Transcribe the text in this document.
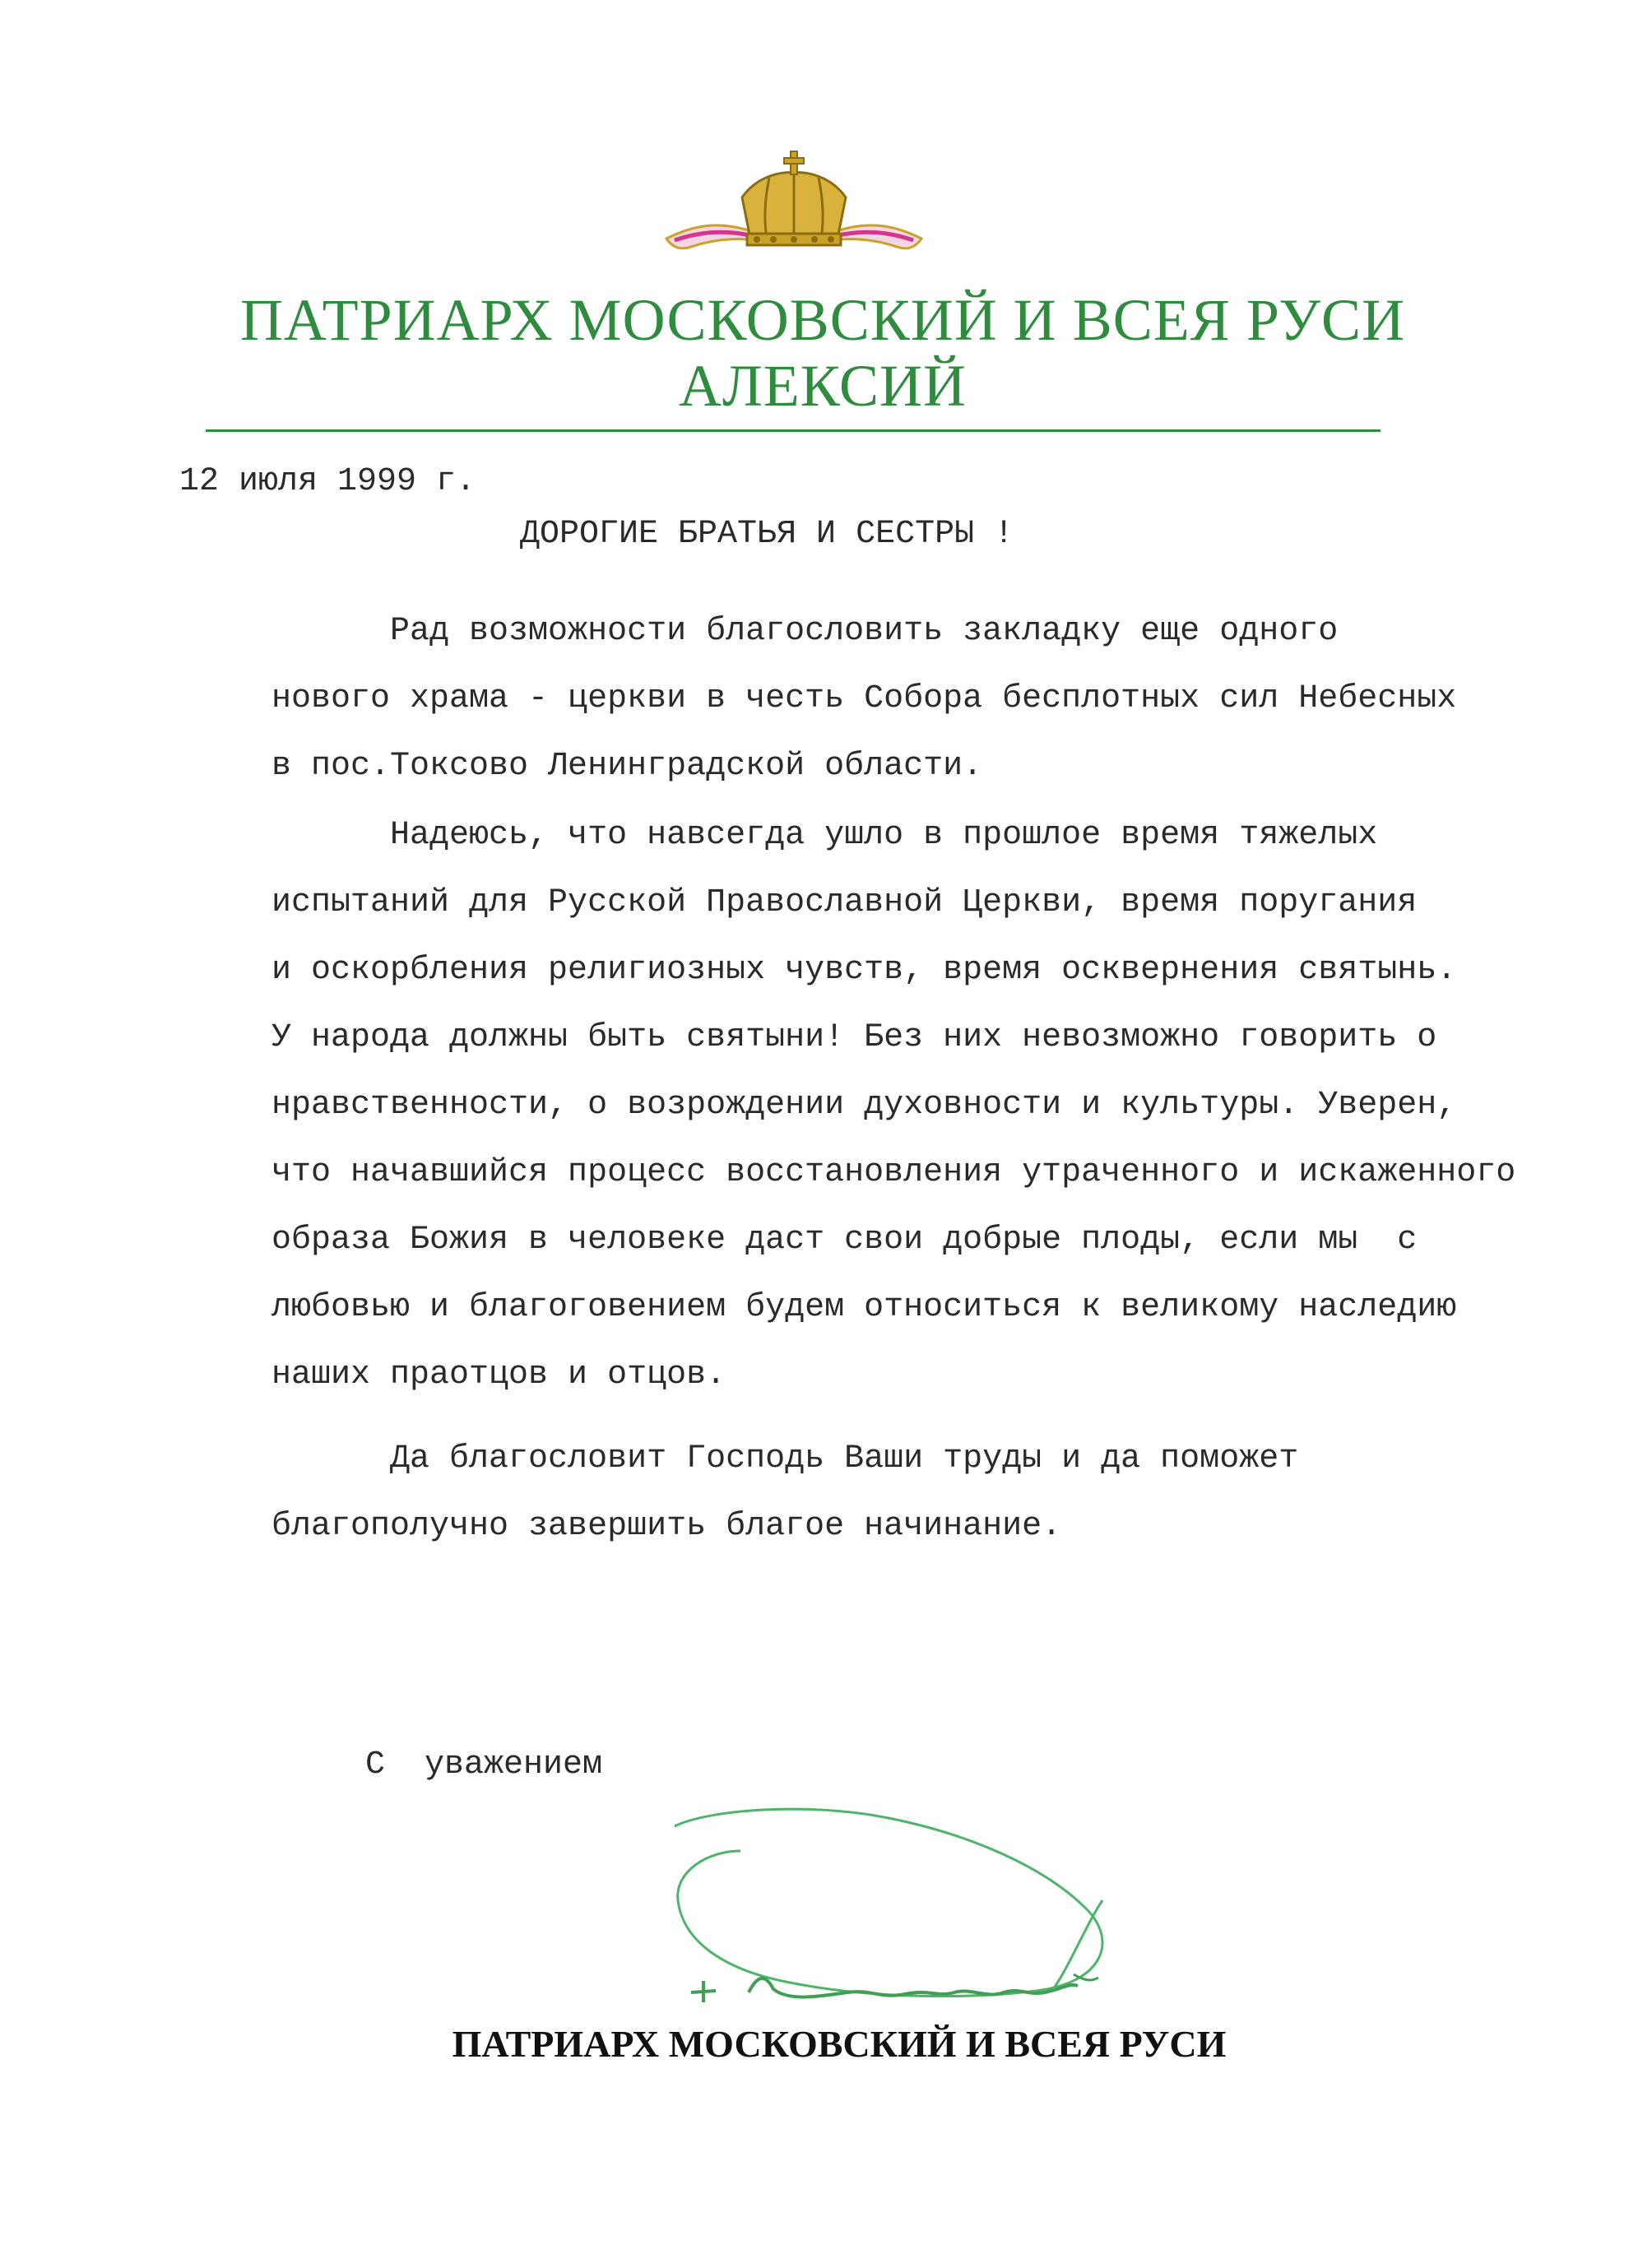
ПАТРИАРХ МОСКОВСКИЙ И ВСЕЯ РУСИ
АЛЕКСИЙ
12 июля 1999 г.
ДОРОГИЕ БРАТЬЯ И СЕСТРЫ !
Рад возможности благословить закладку еще одного
нового храма - церкви в честь Собора бесплотных сил Небесных
в пос.Токсово Ленинградской области.
Надеюсь, что навсегда ушло в прошлое время тяжелых
испытаний для Русской Православной Церкви, время поругания
и оскорбления религиозных чувств, время осквернения святынь.
У народа должны быть святыни! Без них невозможно говорить о
нравственности, о возрождении духовности и культуры. Уверен,
что начавшийся процесс восстановления утраченного и искаженного
образа Божия в человеке даст свои добрые плоды, если мы  с
любовью и благоговением будем относиться к великому наследию
наших праотцов и отцов.
Да благословит Господь Ваши труды и да поможет
благополучно завершить благое начинание.
С  уважением
ПАТРИАРХ МОСКОВСКИЙ И ВСЕЯ РУСИ
